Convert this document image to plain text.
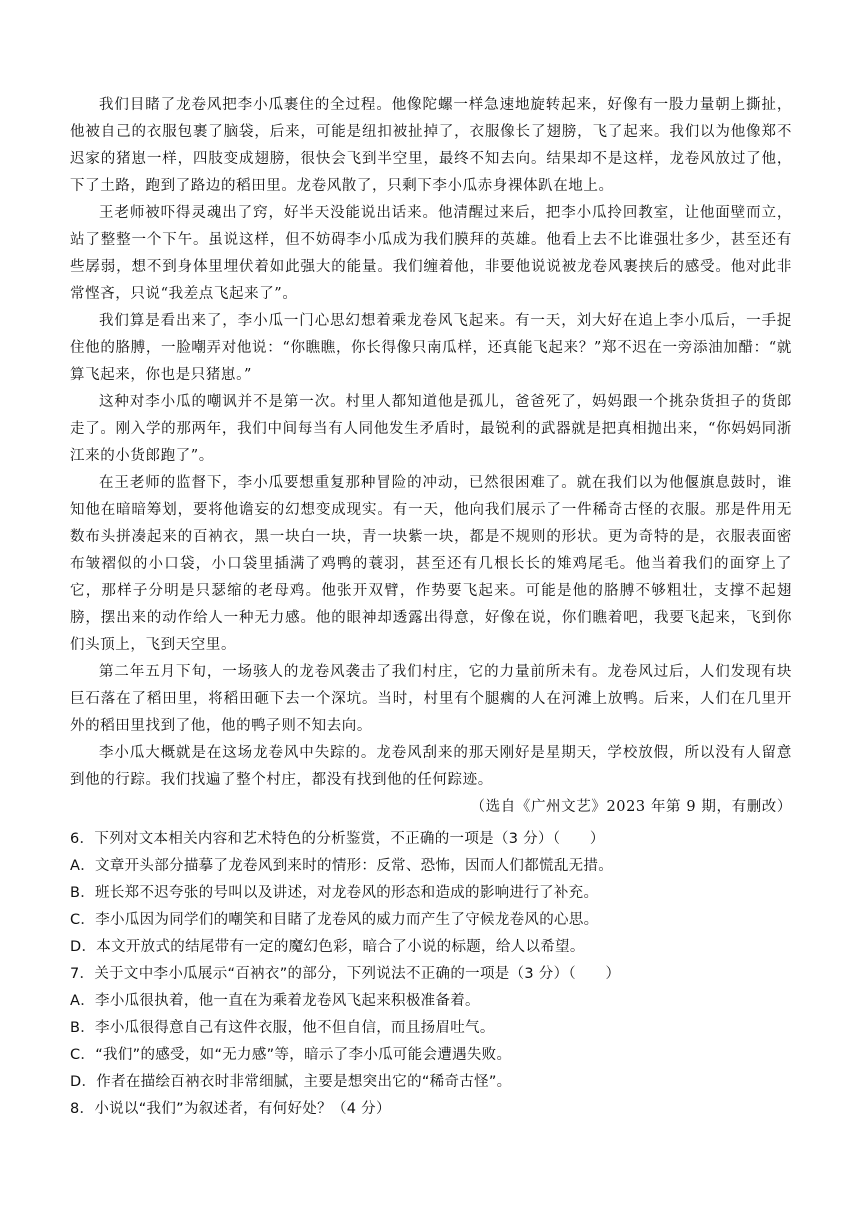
我们目睹了龙卷风把李小瓜裹住的全过程。他像陀螺一样急速地旋转起来，好像有一股力量朝上撕扯，他被自己的衣服包裹了脑袋，后来，可能是纽扣被扯掉了，衣服像长了翅膀，飞了起来。我们以为他像郑不迟家的猪崽一样，四肢变成翅膀，很快会飞到半空里，最终不知去向。结果却不是这样，龙卷风放过了他，下了土路，跑到了路边的稻田里。龙卷风散了，只剩下李小瓜赤身裸体趴在地上。

王老师被吓得灵魂出了窍，好半天没能说出话来。他清醒过来后，把李小瓜拎回教室，让他面壁而立，站了整整一个下午。虽说这样，但不妨碍李小瓜成为我们膜拜的英雄。他看上去不比谁强壮多少，甚至还有些孱弱，想不到身体里埋伏着如此强大的能量。我们缠着他，非要他说说被龙卷风裹挟后的感受。他对此非常悭吝，只说“我差点飞起来了”。

我们算是看出来了，李小瓜一门心思幻想着乘龙卷风飞起来。有一天，刘大好在追上李小瓜后，一手捉住他的胳膊，一脸嘲弄对他说：“你瞧瞧，你长得像只南瓜样，还真能飞起来？”郑不迟在一旁添油加醋：“就算飞起来，你也是只猪崽。”

这种对李小瓜的嘲讽并不是第一次。村里人都知道他是孤儿，爸爸死了，妈妈跟一个挑杂货担子的货郎走了。刚入学的那两年，我们中间每当有人同他发生矛盾时，最锐利的武器就是把真相抛出来，“你妈妈同浙江来的小货郎跑了”。

在王老师的监督下，李小瓜要想重复那种冒险的冲动，已然很困难了。就在我们以为他偃旗息鼓时，谁知他在暗暗筹划，要将他谵妄的幻想变成现实。有一天，他向我们展示了一件稀奇古怪的衣服。那是件用无数布头拼凑起来的百衲衣，黑一块白一块，青一块紫一块，都是不规则的形状。更为奇特的是，衣服表面密布皱褶似的小口袋，小口袋里插满了鸡鸭的蓑羽，甚至还有几根长长的雉鸡尾毛。他当着我们的面穿上了它，那样子分明是只瑟缩的老母鸡。他张开双臂，作势要飞起来。可能是他的胳膊不够粗壮，支撑不起翅膀，摆出来的动作给人一种无力感。他的眼神却透露出得意，好像在说，你们瞧着吧，我要飞起来，飞到你们头顶上，飞到天空里。

第二年五月下旬，一场骇人的龙卷风袭击了我们村庄，它的力量前所未有。龙卷风过后，人们发现有块巨石落在了稻田里，将稻田砸下去一个深坑。当时，村里有个腿瘸的人在河滩上放鸭。后来，人们在几里开外的稻田里找到了他，他的鸭子则不知去向。

李小瓜大概就是在这场龙卷风中失踪的。龙卷风刮来的那天刚好是星期天，学校放假，所以没有人留意到他的行踪。我们找遍了整个村庄，都没有找到他的任何踪迹。

（选自《广州文艺》2023 年第 9 期，有删改）

6．下列对文本相关内容和艺术特色的分析鉴赏，不正确的一项是（3 分）（　　）

A．文章开头部分描摹了龙卷风到来时的情形：反常、恐怖，因而人们都慌乱无措。

B．班长郑不迟夸张的号叫以及讲述，对龙卷风的形态和造成的影响进行了补充。

C．李小瓜因为同学们的嘲笑和目睹了龙卷风的威力而产生了守候龙卷风的心思。

D．本文开放式的结尾带有一定的魔幻色彩，暗合了小说的标题，给人以希望。

7．关于文中李小瓜展示“百衲衣”的部分，下列说法不正确的一项是（3 分）（　　）

A．李小瓜很执着，他一直在为乘着龙卷风飞起来积极准备着。

B．李小瓜很得意自己有这件衣服，他不但自信，而且扬眉吐气。

C．“我们”的感受，如“无力感”等，暗示了李小瓜可能会遭遇失败。

D．作者在描绘百衲衣时非常细腻，主要是想突出它的“稀奇古怪”。

8．小说以“我们”为叙述者，有何好处？（4 分）
